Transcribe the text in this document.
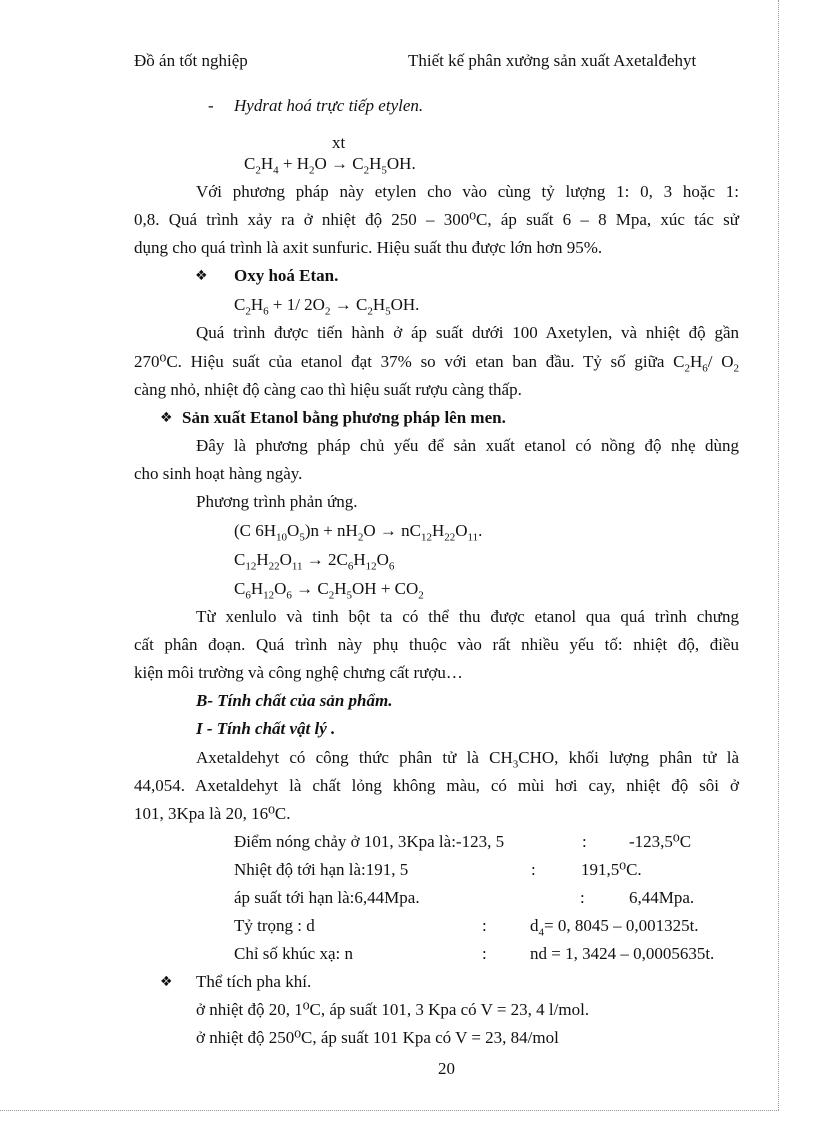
Đồ án tốt nghiệp	Thiết kế phân xưởng sản xuất Axetalđehyt
- Hydrat hoá trực tiếp etylen.
xt
$C_2H_4 + H_2O \to C_2H_5OH$.
Với phương pháp này etylen cho vào cùng tỷ lượng 1: 0, 3 hoặc 1:
0,8. Quá trình xảy ra ở nhiệt độ 250 – 300⁰C, áp suất 6 – 8 Mpa, xúc tác sử
dụng cho quá trình là axit sunfuric. Hiệu suất thu được lớn hơn 95%.
❖ Oxy hoá Etan.
$C_2H_6 + 1/$ $2O_2 \to C_2H_5OH$.
Quá trình được tiến hành ở áp suất dưới 100 Axetylen, và nhiệt độ gần
270⁰C. Hiệu suất của etanol đạt 37% so với etan ban đầu. Tỷ số giữa $C_2H_6/$ $O_2$
càng nhỏ, nhiệt độ càng cao thì hiệu suất rượu càng thấp.
❖ Sản xuất Etanol bằng phương pháp lên men.
Đây là phương pháp chủ yếu để sản xuất etanol có nồng độ nhẹ dùng
cho sinh hoạt hàng ngày.
Phương trình phản ứng.
(C $6H_{10}O_5)n + nH_2O \to nC_{12}H_{22}O_{11}$.
$C_{12}H_{22}O_{11} \to 2C_6H_{12}O_6$
$C_6H_{12}O_6 \to C_2H_5OH + CO_2$
Từ xenlulo và tinh bột ta có thể thu được etanol qua quá trình chưng
cất phân đoạn. Quá trình này phụ thuộc vào rất nhiều yếu tố: nhiệt độ, điều
kiện môi trường và công nghệ chưng cất rượu…
B- Tính chất của sản phẩm.
I - Tính chất vật lý .
Axetaldehyt có công thức phân tử là $CH_3CHO$, khối lượng phân tử là
44,054. Axetaldehyt là chất lỏng không màu, có mùi hơi cay, nhiệt độ sôi ở
101, 3Kpa là 20, 16⁰C.
Điểm nóng chảy ở 101, 3Kpa là:-123, 5	: -123,5⁰C
Nhiệt độ tới hạn là:191, 5	:	191,5⁰C.
áp suất tới hạn là:6,44Mpa.	:	6,44Mpa.
Tỷ trọng : d	:	$d_4= 0$, 8045 – 0,001325t.
Chỉ số khúc xạ: n	:	nd = 1, 3424 – 0,0005635t.
❖ Thể tích pha khí.
ở nhiệt độ 20, 1⁰C, áp suất 101, 3 Kpa có V = 23, 4 l/mol.
ở nhiệt độ 250⁰C, áp suất 101 Kpa có V = 23, 84/mol
20
